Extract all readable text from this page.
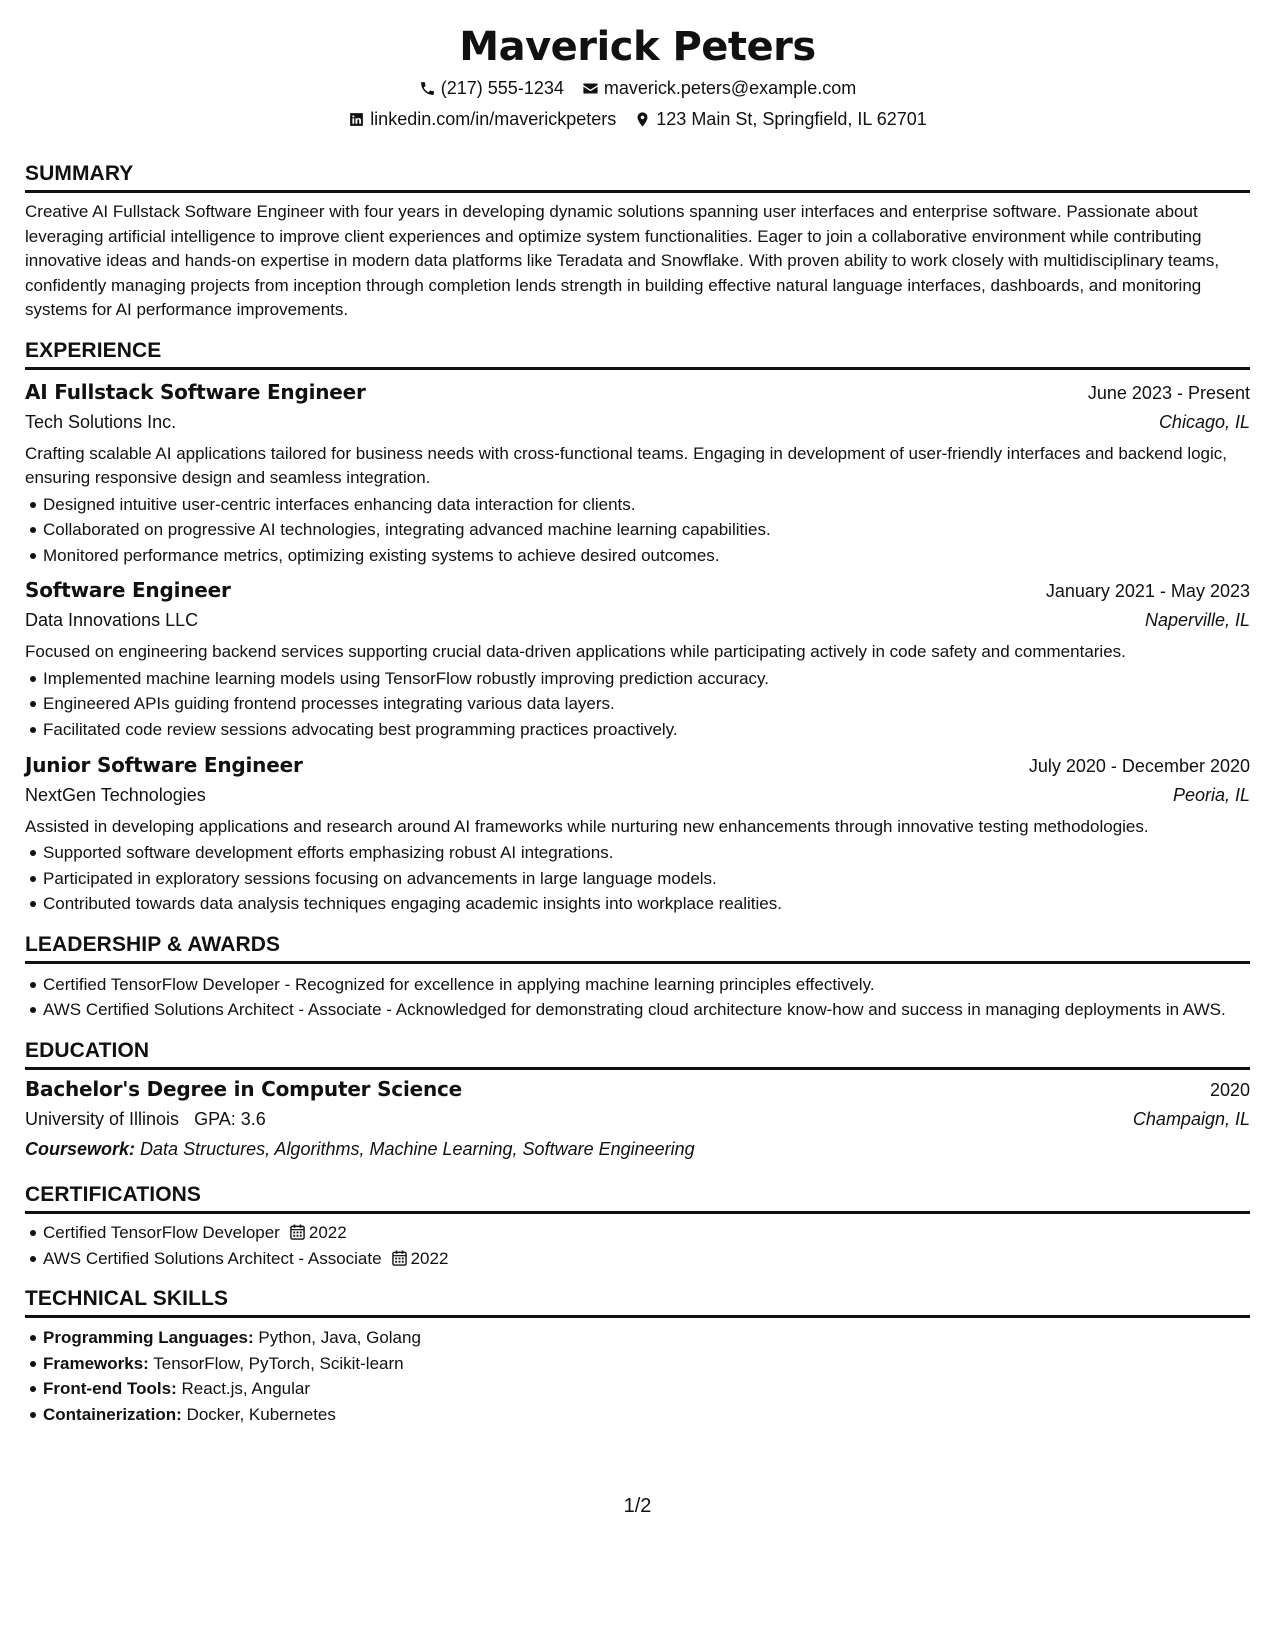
Maverick Peters
(217) 555-1234 maverick.peters@example.com
linkedin.com/in/maverickpeters 123 Main St, Springfield, IL 62701
SUMMARY
Creative AI Fullstack Software Engineer with four years in developing dynamic solutions spanning user interfaces and enterprise software. Passionate about leveraging artificial intelligence to improve client experiences and optimize system functionalities. Eager to join a collaborative environment while contributing innovative ideas and hands-on expertise in modern data platforms like Teradata and Snowflake. With proven ability to work closely with multidisciplinary teams, confidently managing projects from inception through completion lends strength in building effective natural language interfaces, dashboards, and monitoring systems for AI performance improvements.
EXPERIENCE
AI Fullstack Software Engineer	June 2023 - Present
Tech Solutions Inc.	Chicago, IL
Crafting scalable AI applications tailored for business needs with cross-functional teams. Engaging in development of user-friendly interfaces and backend logic, ensuring responsive design and seamless integration.
Designed intuitive user-centric interfaces enhancing data interaction for clients.
Collaborated on progressive AI technologies, integrating advanced machine learning capabilities.
Monitored performance metrics, optimizing existing systems to achieve desired outcomes.
Software Engineer	January 2021 - May 2023
Data Innovations LLC	Naperville, IL
Focused on engineering backend services supporting crucial data-driven applications while participating actively in code safety and commentaries.
Implemented machine learning models using TensorFlow robustly improving prediction accuracy.
Engineered APIs guiding frontend processes integrating various data layers.
Facilitated code review sessions advocating best programming practices proactively.
Junior Software Engineer	July 2020 - December 2020
NextGen Technologies	Peoria, IL
Assisted in developing applications and research around AI frameworks while nurturing new enhancements through innovative testing methodologies.
Supported software development efforts emphasizing robust AI integrations.
Participated in exploratory sessions focusing on advancements in large language models.
Contributed towards data analysis techniques engaging academic insights into workplace realities.
LEADERSHIP & AWARDS
Certified TensorFlow Developer - Recognized for excellence in applying machine learning principles effectively.
AWS Certified Solutions Architect - Associate - Acknowledged for demonstrating cloud architecture know-how and success in managing deployments in AWS.
EDUCATION
Bachelor's Degree in Computer Science	2020
University of Illinois GPA: 3.6	Champaign, IL
Coursework: Data Structures, Algorithms, Machine Learning, Software Engineering
CERTIFICATIONS
Certified TensorFlow Developer 2022
AWS Certified Solutions Architect - Associate 2022
TECHNICAL SKILLS
Programming Languages: Python, Java, Golang
Frameworks: TensorFlow, PyTorch, Scikit-learn
Front-end Tools: React.js, Angular
Containerization: Docker, Kubernetes
1/2
